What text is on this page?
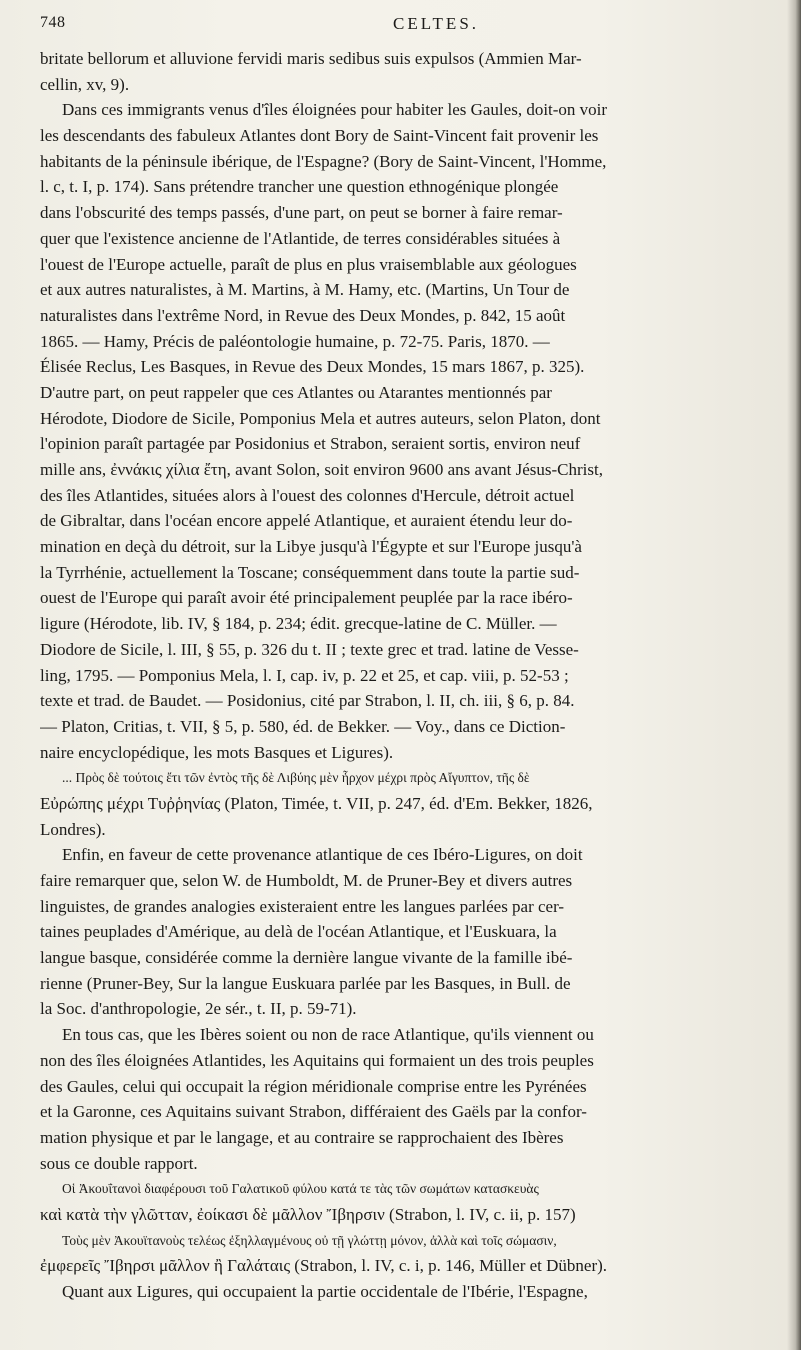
748	CELTES.
britate bellorum et alluvione fervidi maris sedibus suis expulsos (Ammien Mar-
cellin, xv, 9).
Dans ces immigrants venus d'îles éloignées pour habiter les Gaules, doit-on voir
les descendants des fabuleux Atlantes dont Bory de Saint-Vincent fait provenir les
habitants de la péninsule ibérique, de l'Espagne? (Bory de Saint-Vincent, l'Homme,
l. c, t. I, p. 174). Sans prétendre trancher une question ethnogénique plongée
dans l'obscurité des temps passés, d'une part, on peut se borner à faire remar-
quer que l'existence ancienne de l'Atlantide, de terres considérables situées à
l'ouest de l'Europe actuelle, paraît de plus en plus vraisemblable aux géologues
et aux autres naturalistes, à M. Martins, à M. Hamy, etc. (Martins, Un Tour de
naturalistes dans l'extrême Nord, in Revue des Deux Mondes, p. 842, 15 août
1865. — Hamy, Précis de paléontologie humaine, p. 72-75. Paris, 1870. —
Élisée Reclus, Les Basques, in Revue des Deux Mondes, 15 mars 1867, p. 325).
D'autre part, on peut rappeler que ces Atlantes ou Atarantes mentionnés par
Hérodote, Diodore de Sicile, Pomponius Mela et autres auteurs, selon Platon, dont
l'opinion paraît partagée par Posidonius et Strabon, seraient sortis, environ neuf
mille ans, ἐννάκις χίλια ἔτη, avant Solon, soit environ 9600 ans avant Jésus-Christ,
des îles Atlantides, situées alors à l'ouest des colonnes d'Hercule, détroit actuel
de Gibraltar, dans l'océan encore appelé Atlantique, et auraient étendu leur do-
mination en deçà du détroit, sur la Libye jusqu'à l'Égypte et sur l'Europe jusqu'à
la Tyrrhénie, actuellement la Toscane; conséquemment dans toute la partie sud-
ouest de l'Europe qui paraît avoir été principalement peuplée par la race ibéro-
ligure (Hérodote, lib. IV, § 184, p. 234; édit. grecque-latine de C. Müller. —
Diodore de Sicile, l. III, § 55, p. 326 du t. II ; texte grec et trad. latine de Vesse-
ling, 1795. — Pomponius Mela, l. I, cap. iv, p. 22 et 25, et cap. viii, p. 52-53 ;
texte et trad. de Baudet. — Posidonius, cité par Strabon, l. II, ch. iii, § 6, p. 84.
— Platon, Critias, t. VII, § 5, p. 580, éd. de Bekker. — Voy., dans ce Diction-
naire encyclopédique, les mots Basques et Ligures).
... Πρὸς δὲ τούτοις ἔτι τῶν ἐντὸς τῆς δὲ Λιβύης μὲν ἦρχον μέχρι πρὸς Αἴγυπτον, τῆς δὲ
Εὐρώπης μέχρι Τυῤῥηνίας (Platon, Timée, t. VII, p. 247, éd. d'Em. Bekker, 1826,
Londres).
Enfin, en faveur de cette provenance atlantique de ces Ibéro-Ligures, on doit
faire remarquer que, selon W. de Humboldt, M. de Pruner-Bey et divers autres
linguistes, de grandes analogies existeraient entre les langues parlées par cer-
taines peuplades d'Amérique, au delà de l'océan Atlantique, et l'Euskuara, la
langue basque, considérée comme la dernière langue vivante de la famille ibé-
rienne (Pruner-Bey, Sur la langue Euskuara parlée par les Basques, in Bull. de
la Soc. d'anthropologie, 2e sér., t. II, p. 59-71).
En tous cas, que les Ibères soient ou non de race Atlantique, qu'ils viennent ou
non des îles éloignées Atlantides, les Aquitains qui formaient un des trois peuples
des Gaules, celui qui occupait la région méridionale comprise entre les Pyrénées
et la Garonne, ces Aquitains suivant Strabon, différaient des Gaëls par la confor-
mation physique et par le langage, et au contraire se rapprochaient des Ibères
sous ce double rapport.
Οἱ Ἀκουΐτανοὶ διαφέρουσι τοῦ Γαλατικοῦ φύλου κατά τε τὰς τῶν σωμάτων κατασκευὰς
καὶ κατὰ τὴν γλῶτταν, ἐοίκασι δὲ μᾶλλον Ἴβηρσιν (Strabon, l. IV, c. ii, p. 157)
Τοὺς μὲν Ἀκουϊτανοὺς τελέως ἐξηλλαγμένους οὐ τῇ γλώττῃ μόνον, ἀλλὰ καὶ τοῖς σώμασιν,
ἐμφερεῖς Ἴβηρσι μᾶλλον ἢ Γαλάταις (Strabon, l. IV, c. i, p. 146, Müller et Dübner).
Quant aux Ligures, qui occupaient la partie occidentale de l'Ibérie, l'Espagne,
